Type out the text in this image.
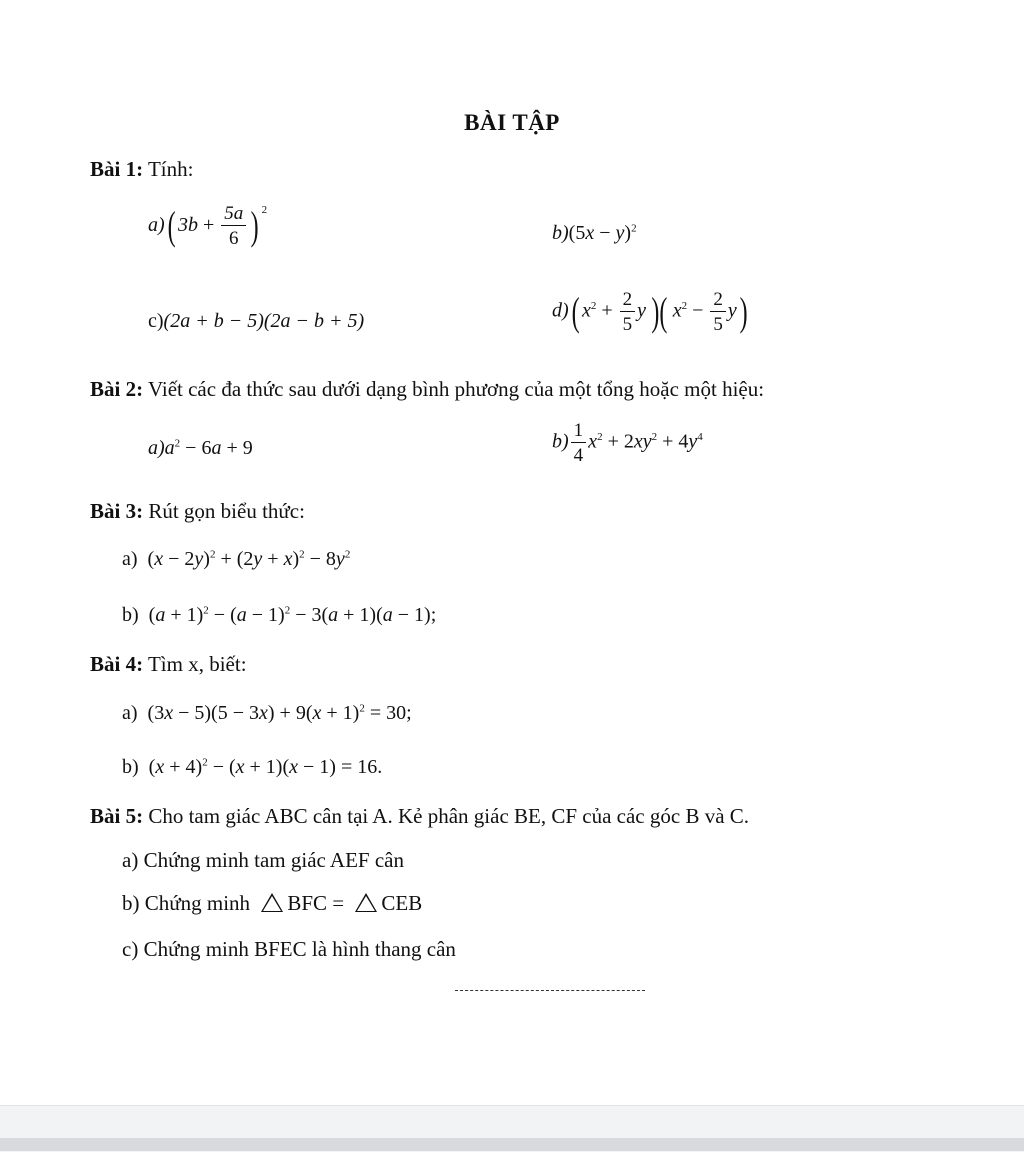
BÀI TẬP
Bài 1: Tính:
a)( $3b + \frac{5a}{6}$ ) $^2$
$b)(5x - y)^2$
c)(2a + b − 5)(2a − b + 5)	d)( $x^2 + \frac{2}{5}$ y )( $x^2 - \frac{2}{5} y$)
Bài 2: Viết các đa thức sau dưới dạng bình phương của một tổng hoặc một hiệu:
$a)a^2 - 6a + 9$	$b) \frac{1}{4} x^2 + 2xy^2 + 4y^4$
Bài 3: Rút gọn biểu thức:
a)  $(x - 2y)^2 + (2y + x)^2 - 8y^2$
b)  $(a + 1)^2 - (a - 1)^2 - 3(a + 1)(a - 1)$;
Bài 4: Tìm x, biết:
a)  $(3x - 5)(5 - 3x) + 9(x + 1)^2 = 30$;
b)  $(x + 4)^2 - (x + 1)(x - 1) = 16$.
Bài 5: Cho tam giác ABC cân tại A. Kẻ phân giác BE, CF của các góc B và C.
a) Chứng minh tam giác AEF cân
b) Chứng minh BFC = CEB
c) Chứng minh BFEC là hình thang cân
